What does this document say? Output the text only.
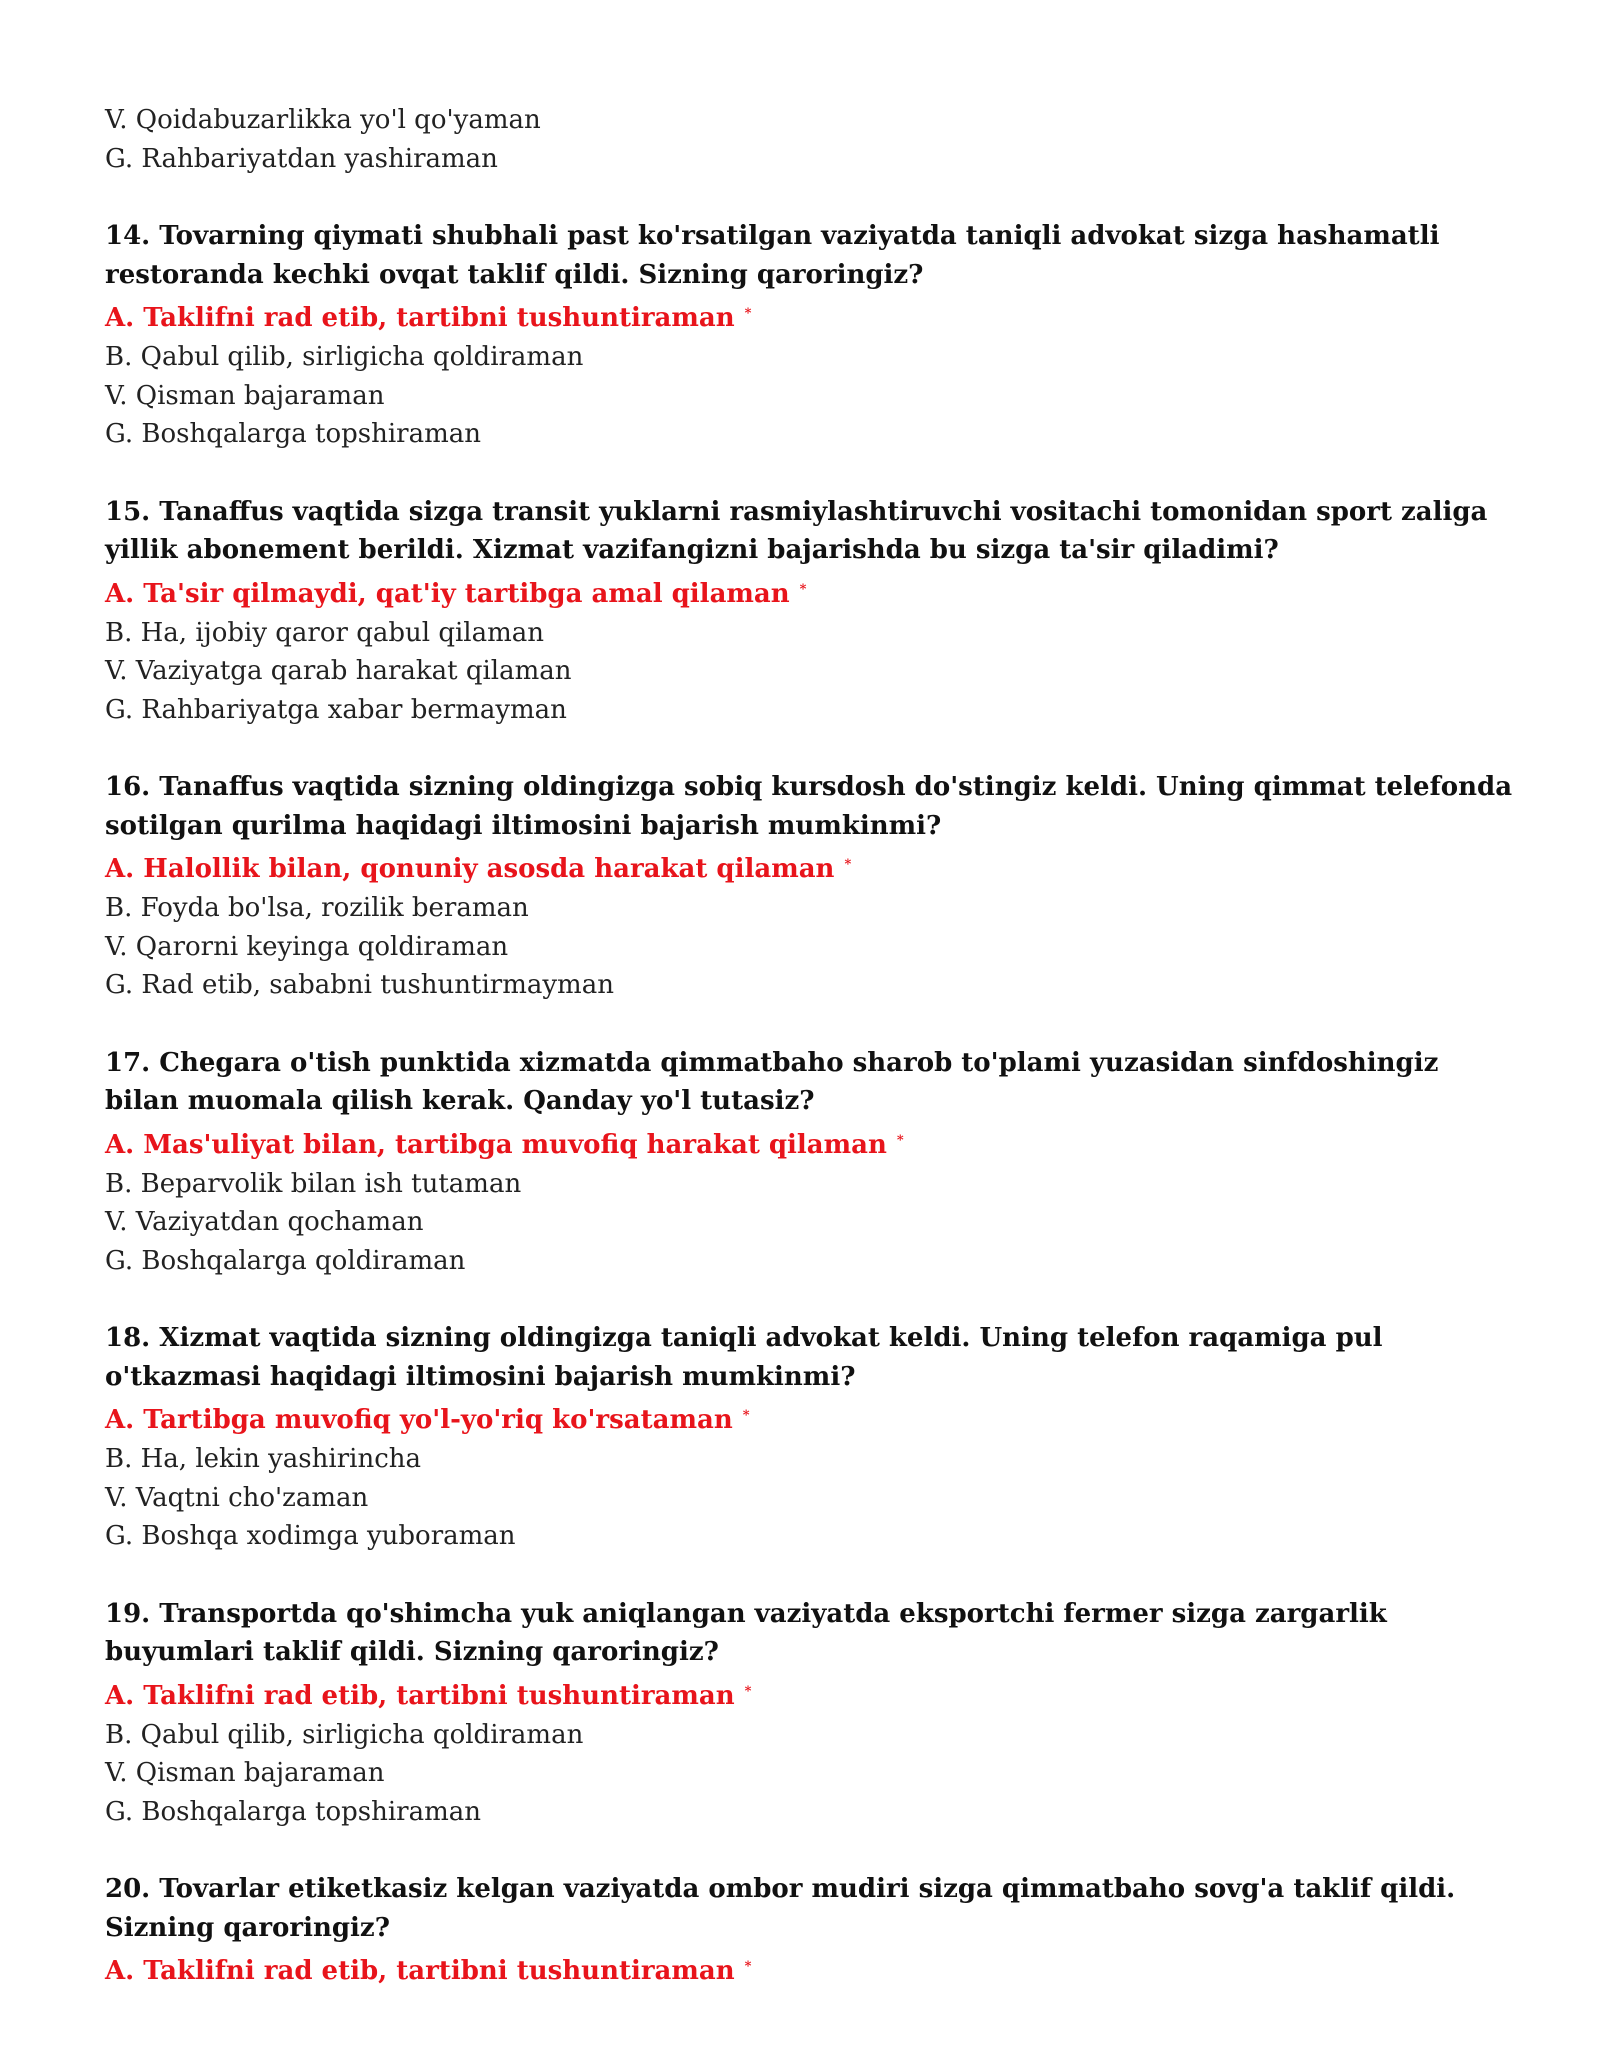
V. Qoidabuzarlikka yo'l qo'yaman
G. Rahbariyatdan yashiraman
14. Tovarning qiymati shubhali past ko'rsatilgan vaziyatda taniqli advokat sizga hashamatli restoranda kechki ovqat taklif qildi. Sizning qaroringiz?
A. Taklifni rad etib, tartibni tushuntiraman *
B. Qabul qilib, sirligicha qoldiraman
V. Qisman bajaraman
G. Boshqalarga topshiraman
15. Tanaffus vaqtida sizga transit yuklarni rasmiylashtiruvchi vositachi tomonidan sport zaliga yillik abonement berildi. Xizmat vazifangizni bajarishda bu sizga ta'sir qiladimi?
A. Ta'sir qilmaydi, qat'iy tartibga amal qilaman *
B. Ha, ijobiy qaror qabul qilaman
V. Vaziyatga qarab harakat qilaman
G. Rahbariyatga xabar bermayman
16. Tanaffus vaqtida sizning oldingizga sobiq kursdosh do'stingiz keldi. Uning qimmat telefonda sotilgan qurilma haqidagi iltimosini bajarish mumkinmi?
A. Halollik bilan, qonuniy asosda harakat qilaman *
B. Foyda bo'lsa, rozilik beraman
V. Qarorni keyinga qoldiraman
G. Rad etib, sababni tushuntirmayman
17. Chegara o'tish punktida xizmatda qimmatbaho sharob to'plami yuzasidan sinfdoshingiz bilan muomala qilish kerak. Qanday yo'l tutasiz?
A. Mas'uliyat bilan, tartibga muvofiq harakat qilaman *
B. Beparvolik bilan ish tutaman
V. Vaziyatdan qochaman
G. Boshqalarga qoldiraman
18. Xizmat vaqtida sizning oldingizga taniqli advokat keldi. Uning telefon raqamiga pul o'tkazmasi haqidagi iltimosini bajarish mumkinmi?
A. Tartibga muvofiq yo'l-yo'riq ko'rsataman *
B. Ha, lekin yashirincha
V. Vaqtni cho'zaman
G. Boshqa xodimga yuboraman
19. Transportda qo'shimcha yuk aniqlangan vaziyatda eksportchi fermer sizga zargarlik buyumlari taklif qildi. Sizning qaroringiz?
A. Taklifni rad etib, tartibni tushuntiraman *
B. Qabul qilib, sirligicha qoldiraman
V. Qisman bajaraman
G. Boshqalarga topshiraman
20. Tovarlar etiketkasiz kelgan vaziyatda ombor mudiri sizga qimmatbaho sovg'a taklif qildi. Sizning qaroringiz?
A. Taklifni rad etib, tartibni tushuntiraman *
